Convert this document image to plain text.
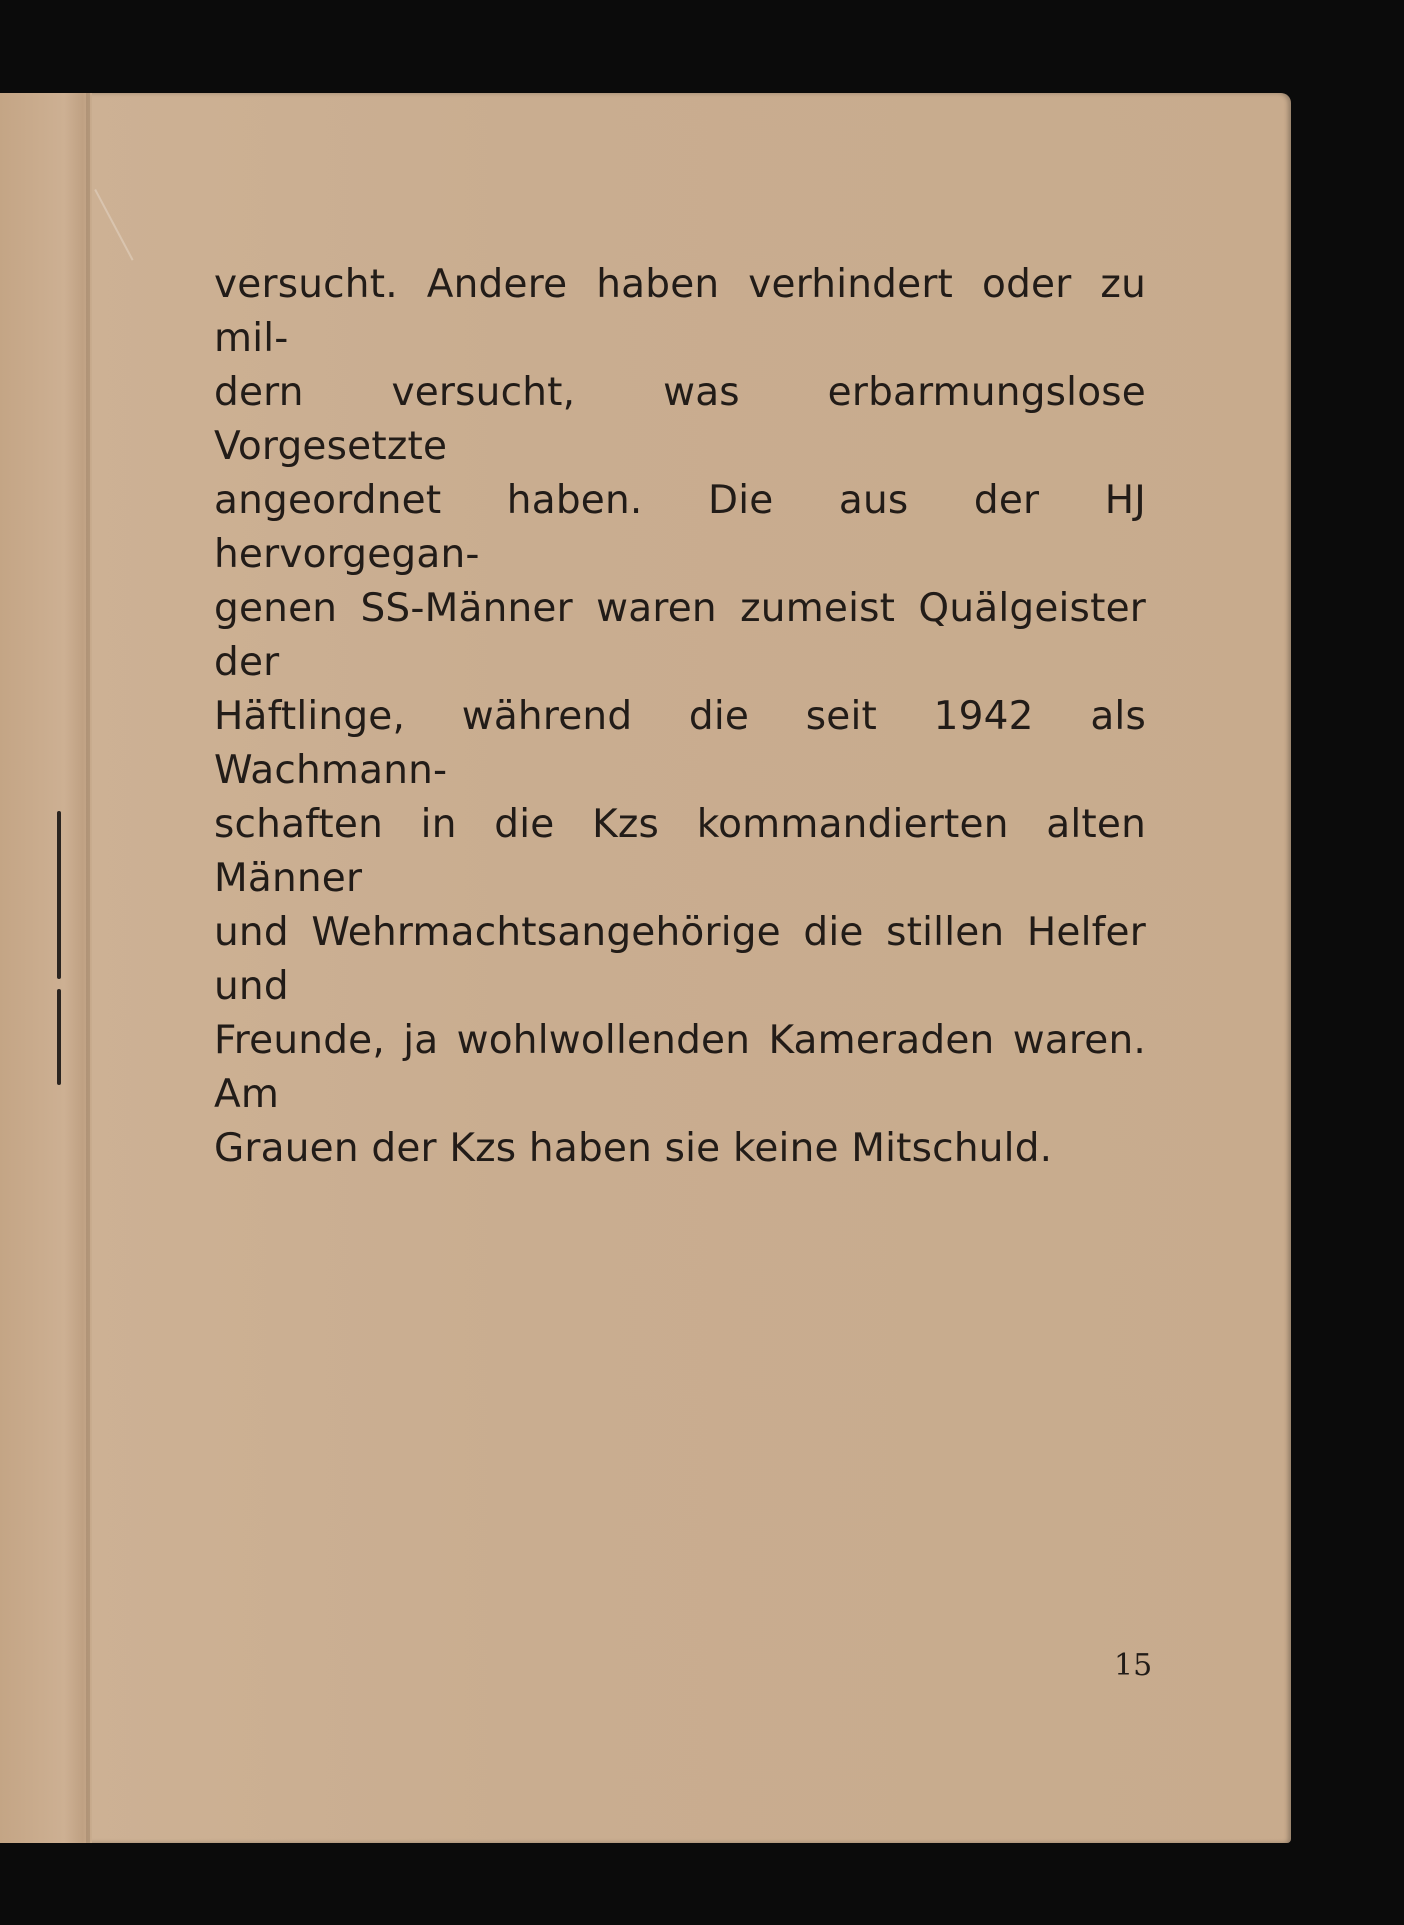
versucht. Andere haben verhindert oder zu mil-
dern versucht, was erbarmungslose Vorgesetzte
angeordnet haben. Die aus der HJ hervorgegan-
genen SS-Männer waren zumeist Quälgeister der
Häftlinge, während die seit 1942 als Wachmann-
schaften in die Kzs kommandierten alten Männer
und Wehrmachtsangehörige die stillen Helfer und
Freunde, ja wohlwollenden Kameraden waren. Am
Grauen der Kzs haben sie keine Mitschuld.

15
